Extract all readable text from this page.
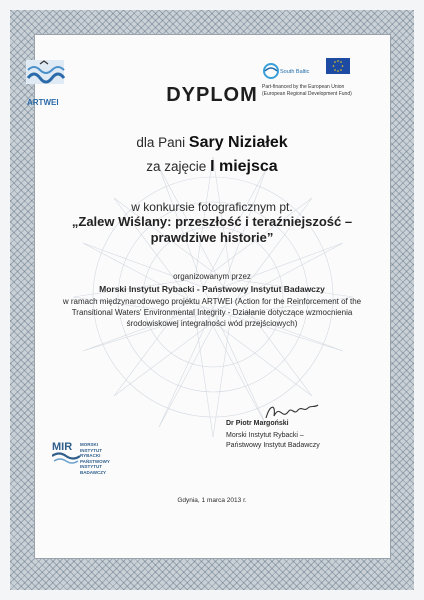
ARTWEI
South Baltic
Part-financed by the European Union
(European Regional Development Fund)
DYPLOM
dla Pani Sary Niziałek
za zajęcie I miejsca
w konkursie fotograficznym pt.
„Zalew Wiślany: przeszłość i teraźniejszość – prawdziwe historie”
organizowanym przez
Morski Instytut Rybacki - Państwowy Instytut Badawczy
w ramach międzynarodowego projektu ARTWEI (Action for the Reinforcement of the Transitional Waters' Environmental Integrity - Działanie dotyczące wzmocnienia środowiskowej integralności wód przejściowych)
Dr Piotr Margoński
Morski Instytut Rybacki – Państwowy Instytut Badawczy
MIR MORSKI
INSTYTUT
RYBACKI
PAŃSTWOWY
INSTYTUT
BADAWCZY
Gdynia, 1 marca 2013 r.
